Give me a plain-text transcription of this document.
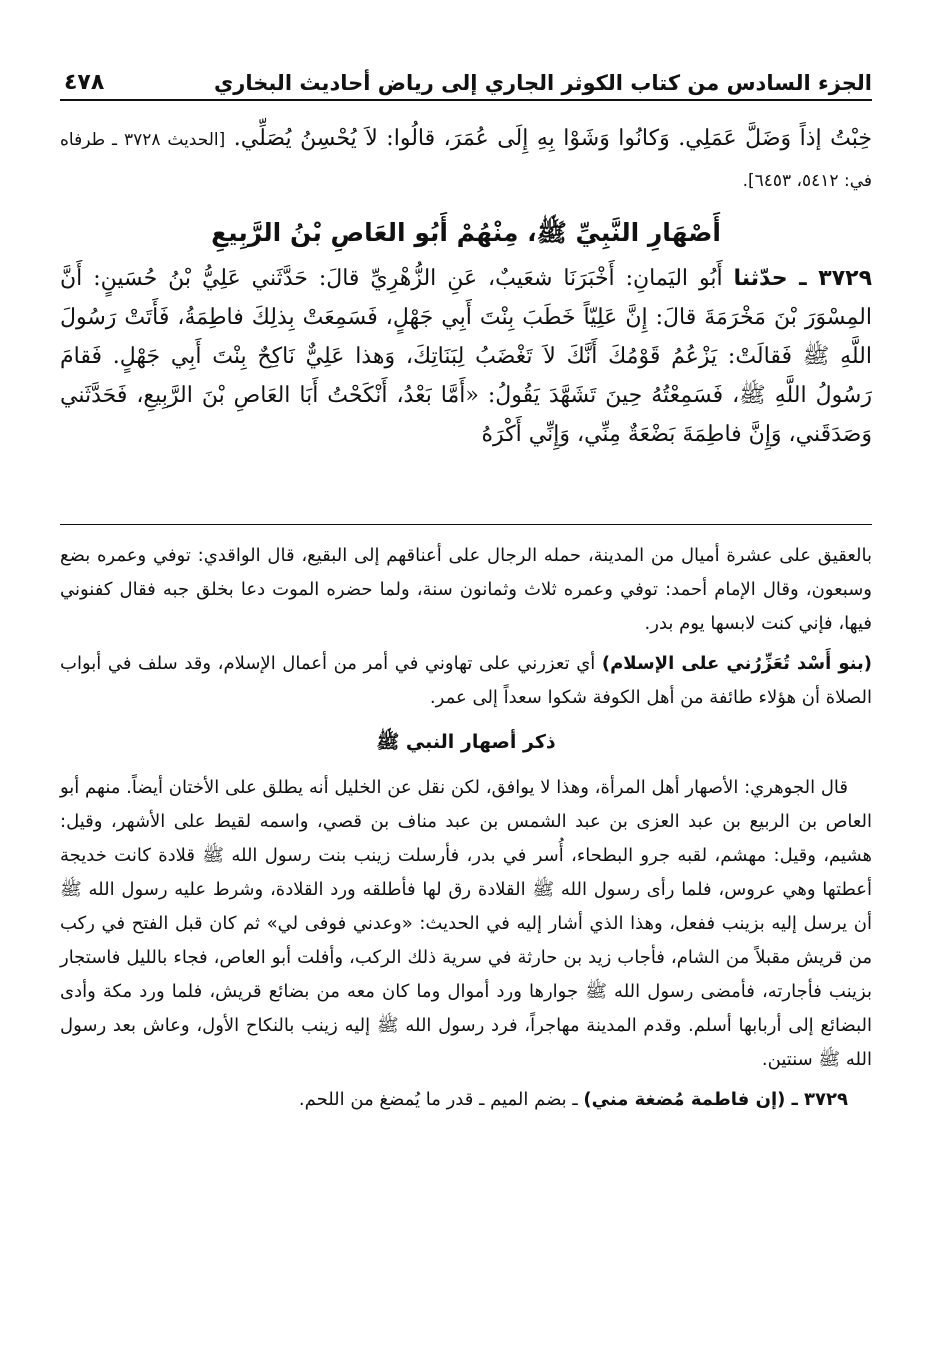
الجزء السادس من كتاب الكوثر الجاري إلى رياض أحاديث البخاري
٤٧٨

خِبْتُ إذاً وَضَلَّ عَمَلِي. وَكانُوا وَشَوْا بِهِ إِلَى عُمَرَ، قالُوا: لاَ يُحْسِنُ يُصَلِّي. [الحديث ٣٧٢٨ ـ طرفاه في: ٥٤١٢، ٦٤٥٣].

أَصْهَارِ النَّبِيِّ ﷺ، مِنْهُمْ أَبُو العَاصِ بْنُ الرَّبِيعِ

٣٧٢٩ ـ حدّثنا أَبُو اليَمانِ: أَخْبَرَنَا شعَيبٌ، عَنِ الزُّهْرِيِّ قالَ: حَدَّثَني عَلِيُّ بْنُ حُسَينٍ: أَنَّ المِسْوَرَ بْنَ مَخْرَمَةَ قالَ: إِنَّ عَلِيّاً خَطَبَ بِنْتَ أَبِي جَهْلٍ، فَسَمِعَتْ بِذلِكَ فاطِمَةُ، فَأَتَتْ رَسُولَ اللَّهِ ﷺ فَقالَتْ: يَزْعُمُ قَوْمُكَ أَنَّكَ لاَ تَغْضَبُ لِبَنَاتِكَ، وَهذا عَلِيٌّ نَاكِحٌ بِنْتَ أَبِي جَهْلٍ. فَقامَ رَسُولُ اللَّهِ ﷺ، فَسَمِعْتُهُ حِينَ تَشَهَّدَ يَقُولُ: «أَمَّا بَعْدُ، أَنْكَحْتُ أَبَا العَاصِ بْنَ الرَّبِيعِ، فَحَدَّثَني وَصَدَقَني، وَإِنَّ فاطِمَةَ بَضْعَةٌ مِنِّي، وَإِنِّي أَكْرَهُ

بالعقيق على عشرة أميال من المدينة، حمله الرجال على أعناقهم إلى البقيع، قال الواقدي: توفي وعمره بضع وسبعون، وقال الإمام أحمد: توفي وعمره ثلاث وثمانون سنة، ولما حضره الموت دعا بخلق جبه فقال كفنوني فيها، فإني كنت لابسها يوم بدر.

(بنو أَسْد تُعَزِّرُني على الإسلام) أي تعزرني على تهاوني في أمر من أعمال الإسلام، وقد سلف في أبواب الصلاة أن هؤلاء طائفة من أهل الكوفة شكوا سعداً إلى عمر.

ذكر أصهار النبي ﷺ

قال الجوهري: الأصهار أهل المرأة، وهذا لا يوافق، لكن نقل عن الخليل أنه يطلق على الأختان أيضاً. منهم أبو العاص بن الربيع بن عبد العزى بن عبد الشمس بن عبد مناف بن قصي، واسمه لقيط على الأشهر، وقيل: هشيم، وقيل: مهشم، لقبه جرو البطحاء، أُسر في بدر، فأرسلت زينب بنت رسول الله ﷺ قلادة كانت خديجة أعطتها وهي عروس، فلما رأى رسول الله ﷺ القلادة رق لها فأطلقه ورد القلادة، وشرط عليه رسول الله ﷺ أن يرسل إليه بزينب ففعل، وهذا الذي أشار إليه في الحديث: «وعدني فوفى لي» ثم كان قبل الفتح في ركب من قريش مقبلاً من الشام، فأجاب زيد بن حارثة في سرية ذلك الركب، وأفلت أبو العاص، فجاء بالليل فاستجار بزينب فأجارته، فأمضى رسول الله ﷺ جوارها ورد أموال وما كان معه من بضائع قريش، فلما ورد مكة وأدى البضائع إلى أربابها أسلم. وقدم المدينة مهاجراً، فرد رسول الله ﷺ إليه زينب بالنكاح الأول، وعاش بعد رسول الله ﷺ سنتين.

٣٧٢٩ ـ (إن فاطمة مُضغة مني) ـ بضم الميم ـ قدر ما يُمضغ من اللحم.
